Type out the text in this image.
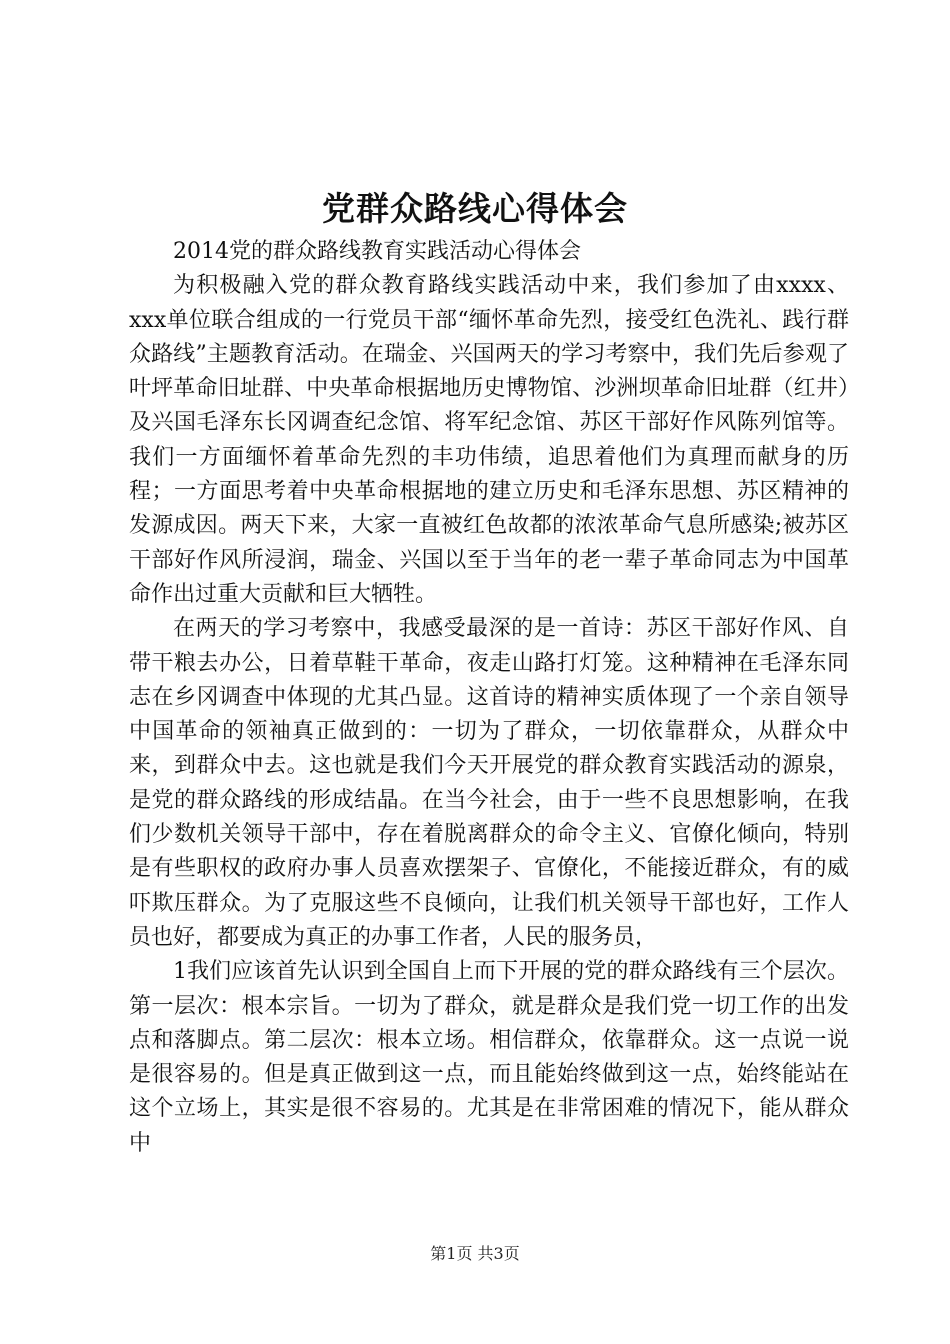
党群众路线心得体会

2014党的群众路线教育实践活动心得体会

为积极融入党的群众教育路线实践活动中来，我们参加了由xxxx、xxx单位联合组成的一行党员干部“缅怀革命先烈，接受红色洗礼、践行群众路线”主题教育活动。在瑞金、兴国两天的学习考察中，我们先后参观了叶坪革命旧址群、中央革命根据地历史博物馆、沙洲坝革命旧址群（红井）及兴国毛泽东长冈调查纪念馆、将军纪念馆、苏区干部好作风陈列馆等。我们一方面缅怀着革命先烈的丰功伟绩，追思着他们为真理而献身的历程；一方面思考着中央革命根据地的建立历史和毛泽东思想、苏区精神的发源成因。两天下来，大家一直被红色故都的浓浓革命气息所感染;被苏区干部好作风所浸润，瑞金、兴国以至于当年的老一辈子革命同志为中国革命作出过重大贡献和巨大牺牲。

在两天的学习考察中，我感受最深的是一首诗：苏区干部好作风、自带干粮去办公，日着草鞋干革命，夜走山路打灯笼。这种精神在毛泽东同志在乡冈调查中体现的尤其凸显。这首诗的精神实质体现了一个亲自领导中国革命的领袖真正做到的：一切为了群众，一切依靠群众，从群众中来，到群众中去。这也就是我们今天开展党的群众教育实践活动的源泉，是党的群众路线的形成结晶。在当今社会，由于一些不良思想影响，在我们少数机关领导干部中，存在着脱离群众的命令主义、官僚化倾向，特别是有些职权的政府办事人员喜欢摆架子、官僚化，不能接近群众，有的威吓欺压群众。为了克服这些不良倾向，让我们机关领导干部也好，工作人员也好，都要成为真正的办事工作者，人民的服务员，

1我们应该首先认识到全国自上而下开展的党的群众路线有三个层次。第一层次：根本宗旨。一切为了群众，就是群众是我们党一切工作的出发点和落脚点。第二层次：根本立场。相信群众，依靠群众。这一点说一说是很容易的。但是真正做到这一点，而且能始终做到这一点，始终能站在这个立场上，其实是很不容易的。尤其是在非常困难的情况下，能从群众中

第1页 共3页
